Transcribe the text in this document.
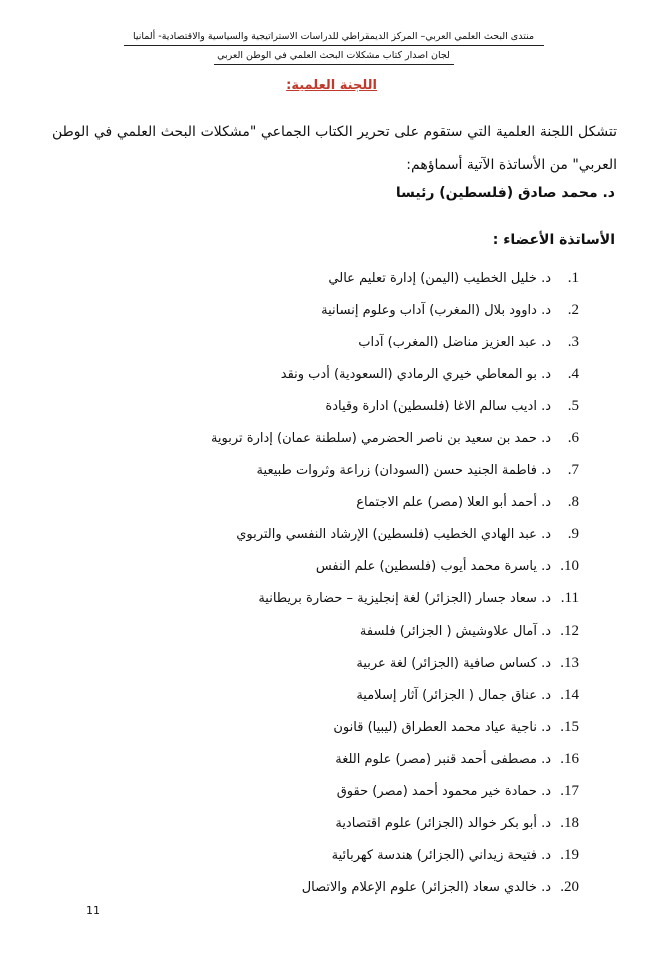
منتدى البحث العلمي العربي– المركز الديمقراطي للدراسات الاستراتيجية والسياسية والاقتصادية- ألمانيا
لجان اصدار كتاب مشكلات البحث العلمي في الوطن العربي
اللجنة العلمية:
تتشكل اللجنة العلمية التي ستقوم على تحرير الكتاب الجماعي "مشكلات البحث العلمي في الوطن العربي" من الأساتذة الآتية أسماؤهم:
د. محمد صادق (فلسطين) رئيسا
الأساتذة الأعضاء :
1.
د. خليل الخطيب (اليمن) إدارة تعليم عالي
2.
د. داوود بلال (المغرب) آداب وعلوم إنسانية
3.
د. عبد العزيز مناضل (المغرب) آداب
4.
د. بو المعاطي خيري الرمادي (السعودية) أدب ونقد
5.
د. اديب سالم الاغا (فلسطين) ادارة وقيادة
6.
د. حمد بن سعيد بن ناصر الحضرمي (سلطنة عمان) إدارة تربوية
7.
د. فاطمة الجنيد حسن (السودان) زراعة وثروات طبيعية
8.
د. أحمد أبو العلا (مصر) علم الاجتماع
9.
د. عبد الهادي الخطيب (فلسطين) الإرشاد النفسي والتربوي
10.
د. ياسرة محمد أيوب (فلسطين) علم النفس
11.
د. سعاد جسار (الجزائر) لغة إنجليزية – حضارة بريطانية
12.
د. آمال علاوشيش ( الجزائر) فلسفة
13.
د. كساس صافية (الجزائر) لغة عربية
14.
د. عناق جمال ( الجزائر) آثار إسلامية
15.
د. ناجية عياد محمد العطراق (ليبيا) قانون
16.
د. مصطفى أحمد قنبر (مصر) علوم اللغة
17.
د. حمادة خير محمود أحمد (مصر) حقوق
18.
د. أبو بكر خوالد (الجزائر) علوم اقتصادية
19.
د. فتيحة زيداني (الجزائر) هندسة كهربائية
20.
د. خالدي سعاد (الجزائر) علوم الإعلام والاتصال
11
